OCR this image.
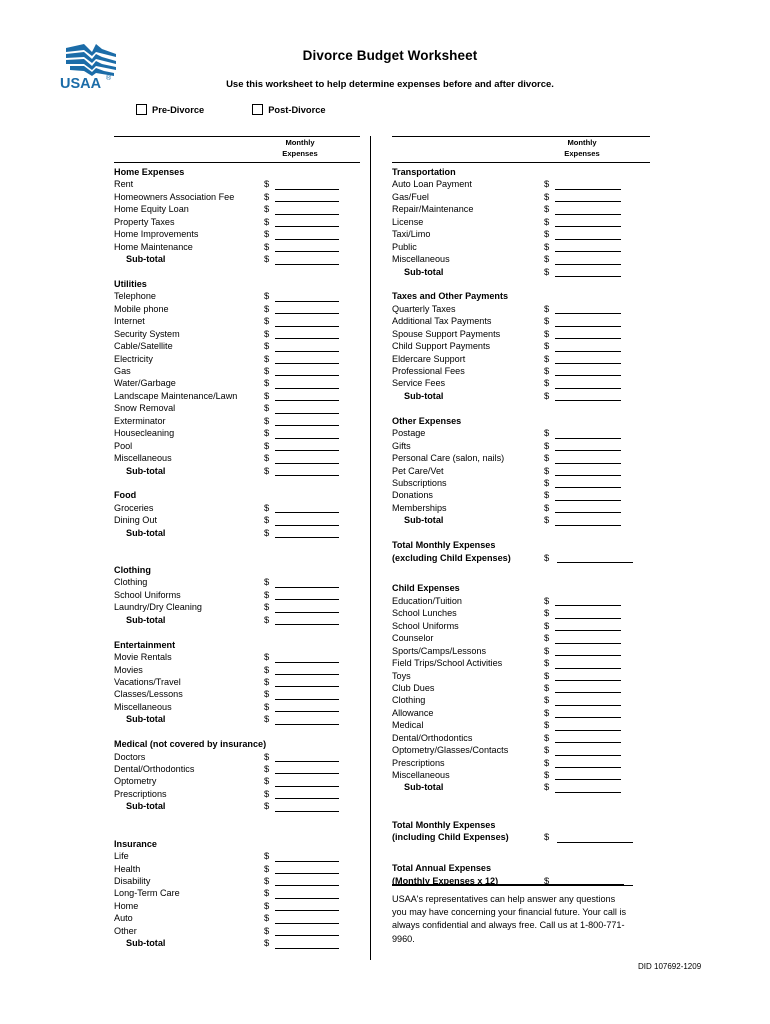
USAA ®
Divorce Budget Worksheet
Use this worksheet to help determine expenses before and after divorce.
Pre-Divorce	Post-Divorce
Monthly
Expenses
Home Expenses
Rent	$
Homeowners Association Fee	$
Home Equity Loan	$
Property Taxes	$
Home Improvements	$
Home Maintenance	$
Sub-total	$
Utilities
Telephone	$
Mobile phone	$
Internet	$
Security System	$
Cable/Satellite	$
Electricity	$
Gas	$
Water/Garbage	$
Landscape Maintenance/Lawn	$
Snow Removal	$
Exterminator	$
Housecleaning	$
Pool	$
Miscellaneous	$
Sub-total	$
Food
Groceries	$
Dining Out	$
Sub-total	$
Clothing
Clothing	$
School Uniforms	$
Laundry/Dry Cleaning	$
Sub-total	$
Entertainment
Movie Rentals	$
Movies	$
Vacations/Travel	$
Classes/Lessons	$
Miscellaneous	$
Sub-total	$
Medical (not covered by insurance)
Doctors	$
Dental/Orthodontics	$
Optometry	$
Prescriptions	$
Sub-total	$
Insurance
Life	$
Health	$
Disability	$
Long-Term Care	$
Home	$
Auto	$
Other	$
Sub-total	$
Monthly
Expenses
Transportation
Auto Loan Payment	$
Gas/Fuel	$
Repair/Maintenance	$
License	$
Taxi/Limo	$
Public	$
Miscellaneous	$
Sub-total	$
Taxes and Other Payments
Quarterly Taxes	$
Additional Tax Payments	$
Spouse Support Payments	$
Child Support Payments	$
Eldercare Support	$
Professional Fees	$
Service Fees	$
Sub-total	$
Other Expenses
Postage	$
Gifts	$
Personal Care (salon, nails)	$
Pet Care/Vet	$
Subscriptions	$
Donations	$
Memberships	$
Sub-total	$
Total Monthly Expenses
(excluding Child Expenses)	$
Child Expenses
Education/Tuition	$
School Lunches	$
School Uniforms	$
Counselor	$
Sports/Camps/Lessons	$
Field Trips/School Activities	$
Toys	$
Club Dues	$
Clothing	$
Allowance	$
Medical	$
Dental/Orthodontics	$
Optometry/Glasses/Contacts	$
Prescriptions	$
Miscellaneous	$
Sub-total	$
Total Monthly Expenses
(including Child Expenses)	$
Total Annual Expenses
(Monthly Expenses x 12)	$
USAA's representatives can help answer any questions you may have concerning your financial future. Your call is always confidential and always free. Call us at 1-800-771-9960.
DID 107692-1209
